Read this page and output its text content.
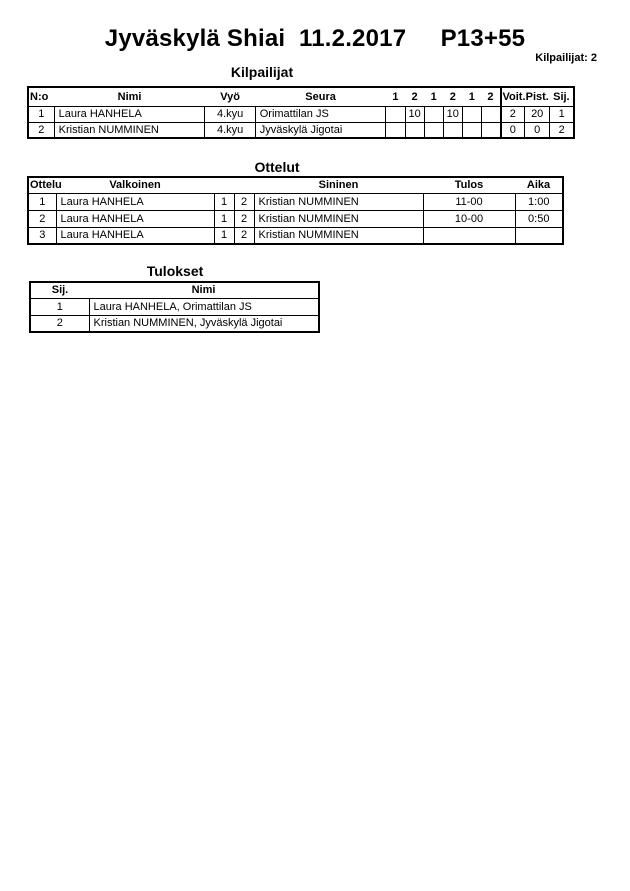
Jyväskylä Shiai  11.2.2017     P13+55
Kilpailijat: 2
Kilpailijat
N:o	Nimi	Vyö	Seura	1	2	1	2	1	2	Voit.	Pist.	Sij.
1	Laura HANHELA	4.kyu	Orimattilan JS		10		10			2	20	1
2	Kristian NUMMINEN	4.kyu	Jyväskylä Jigotai							0	0	2
Ottelut
Ottelu	Valkoinen			Sininen	Tulos	Aika
1	Laura HANHELA	1	2	Kristian NUMMINEN	11-00	1:00
2	Laura HANHELA	1	2	Kristian NUMMINEN	10-00	0:50
3	Laura HANHELA	1	2	Kristian NUMMINEN		
Tulokset
Sij.	Nimi
1	Laura HANHELA, Orimattilan JS
2	Kristian NUMMINEN, Jyväskylä Jigotai
